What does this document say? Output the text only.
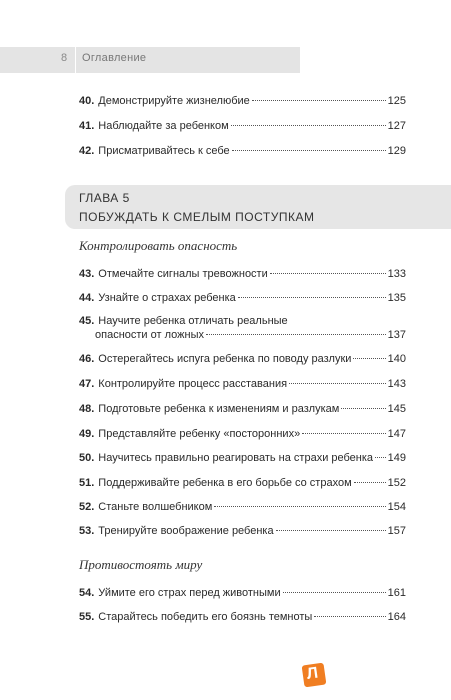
8 Оглавление
40. Демонстрируйте жизнелюбие	125
41. Наблюдайте за ребенком	127
42. Присматривайтесь к себе	129
ГЛАВА 5
ПОБУЖДАТЬ К СМЕЛЫМ ПОСТУПКАМ
Контролировать опасность
43. Отмечайте сигналы тревожности	133
44. Узнайте о страхах ребенка	135
45. Научите ребенка отличать реальные
опасности от ложных	137
46. Остерегайтесь испуга ребенка по поводу разлуки	140
47. Контролируйте процесс расставания	143
48. Подготовьте ребенка к изменениям и разлукам	145
49. Представляйте ребенку «посторонних»	147
50. Научитесь правильно реагировать на страхи ребенка 149
51. Поддерживайте ребенка в его борьбе со страхом	152
52. Станьте волшебником	154
53. Тренируйте воображение ребенка	157
Противостоять миру
54. Уймите его страх перед животными	161
55. Старайтесь победить его боязнь темноты	164
Л
